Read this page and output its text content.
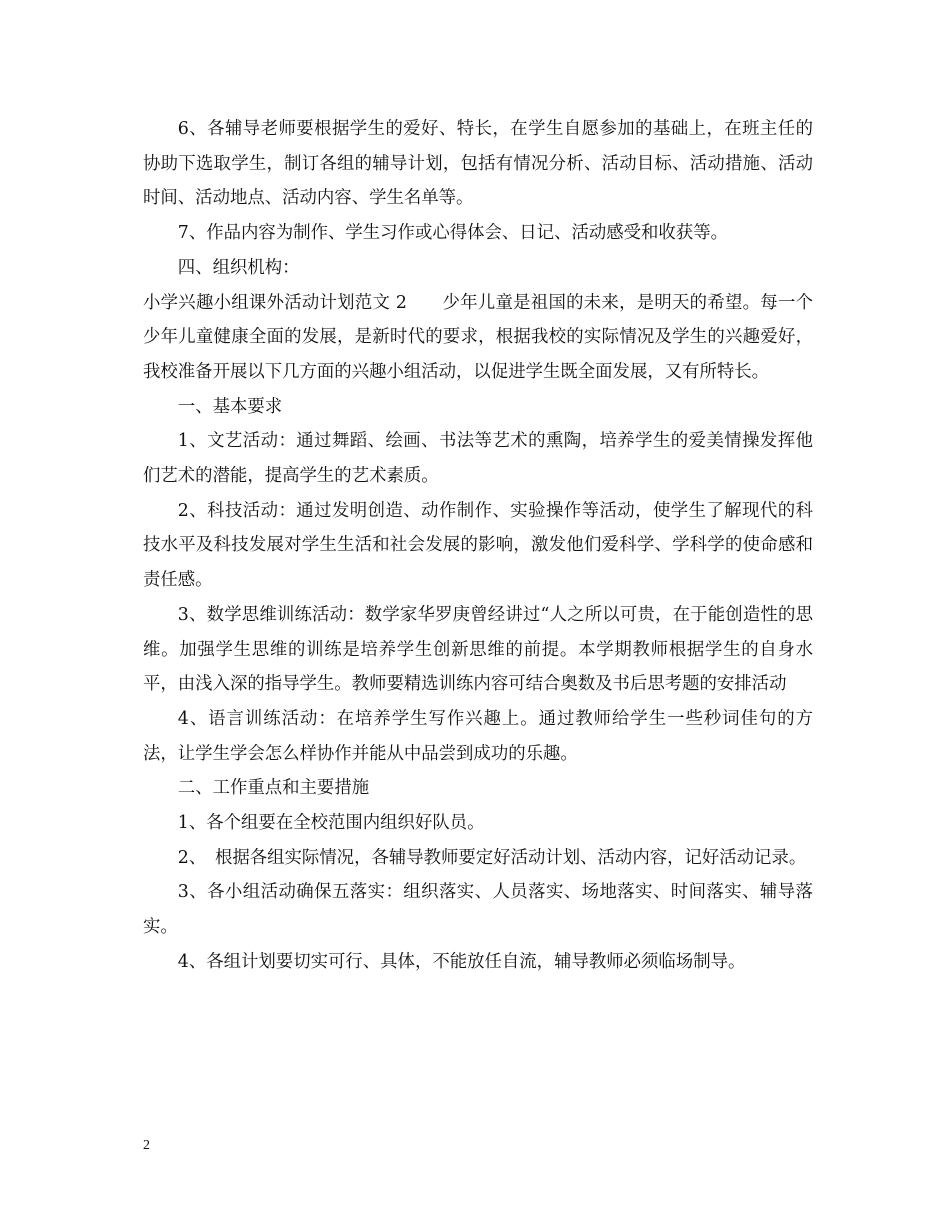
6、各辅导老师要根据学生的爱好、特长，在学生自愿参加的基础上，在班主任的协助下选取学生，制订各组的辅导计划，包括有情况分析、活动目标、活动措施、活动时间、活动地点、活动内容、学生名单等。

7、作品内容为制作、学生习作或心得体会、日记、活动感受和收获等。

四、组织机构：

小学兴趣小组课外活动计划范文 2　　少年儿童是祖国的未来，是明天的希望。每一个少年儿童健康全面的发展，是新时代的要求，根据我校的实际情况及学生的兴趣爱好，我校准备开展以下几方面的兴趣小组活动，以促进学生既全面发展，又有所特长。

一、基本要求

1、文艺活动：通过舞蹈、绘画、书法等艺术的熏陶，培养学生的爱美情操发挥他们艺术的潜能，提高学生的艺术素质。

2、科技活动：通过发明创造、动作制作、实验操作等活动，使学生了解现代的科技水平及科技发展对学生生活和社会发展的影响，激发他们爱科学、学科学的使命感和责任感。

3、数学思维训练活动：数学家华罗庚曾经讲过“人之所以可贵，在于能创造性的思维。加强学生思维的训练是培养学生创新思维的前提。本学期教师根据学生的自身水平，由浅入深的指导学生。教师要精选训练内容可结合奥数及书后思考题的安排活动

4、语言训练活动：在培养学生写作兴趣上。通过教师给学生一些秒词佳句的方法，让学生学会怎么样协作并能从中品尝到成功的乐趣。

二、工作重点和主要措施

1、各个组要在全校范围内组织好队员。

2、　根据各组实际情况，各辅导教师要定好活动计划、活动内容，记好活动记录。

3、各小组活动确保五落实：组织落实、人员落实、场地落实、时间落实、辅导落实。

4、各组计划要切实可行、具体，不能放任自流，辅导教师必须临场制导。

2
